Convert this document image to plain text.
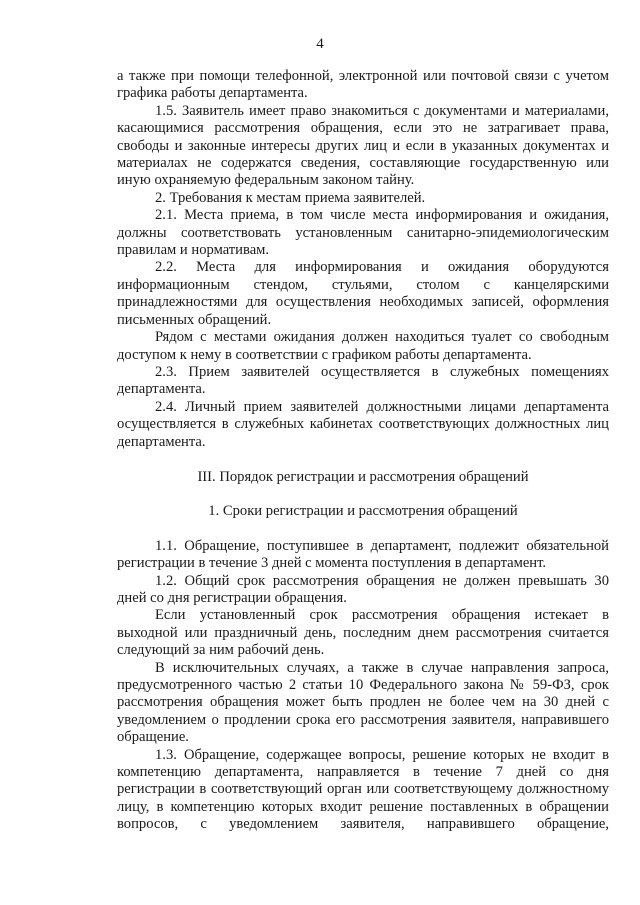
4

а также при помощи телефонной, электронной или почтовой связи с учетом графика работы департамента.

1.5. Заявитель имеет право знакомиться с документами и материалами, касающимися рассмотрения обращения, если это не затрагивает права, свободы и законные интересы других лиц и если в указанных документах и материалах не содержатся сведения, составляющие государственную или иную охраняемую федеральным законом тайну.

2. Требования к местам приема заявителей.

2.1. Места приема, в том числе места информирования и ожидания, должны соответствовать установленным санитарно-эпидемиологическим правилам и нормативам.

2.2. Места для информирования и ожидания оборудуются информационным стендом, стульями, столом с канцелярскими принадлежностями для осуществления необходимых записей, оформления письменных обращений.

Рядом с местами ожидания должен находиться туалет со свободным доступом к нему в соответствии с графиком работы департамента.

2.3. Прием заявителей осуществляется в служебных помещениях департамента.

2.4. Личный прием заявителей должностными лицами департамента осуществляется в служебных кабинетах соответствующих должностных лиц департамента.

III. Порядок регистрации и рассмотрения обращений

1. Сроки регистрации и рассмотрения обращений

1.1. Обращение, поступившее в департамент, подлежит обязательной регистрации в течение 3 дней с момента поступления в департамент.

1.2. Общий срок рассмотрения обращения не должен превышать 30 дней со дня регистрации обращения.

Если установленный срок рассмотрения обращения истекает в выходной или праздничный день, последним днем рассмотрения считается следующий за ним рабочий день.

В исключительных случаях, а также в случае направления запроса, предусмотренного частью 2 статьи 10 Федерального закона № 59-ФЗ, срок рассмотрения обращения может быть продлен не более чем на 30 дней с уведомлением о продлении срока его рассмотрения заявителя, направившего обращение.

1.3. Обращение, содержащее вопросы, решение которых не входит в компетенцию департамента, направляется в течение 7 дней со дня регистрации в соответствующий орган или соответствующему должностному лицу, в компетенцию которых входит решение поставленных в обращении вопросов, с уведомлением заявителя, направившего обращение,
